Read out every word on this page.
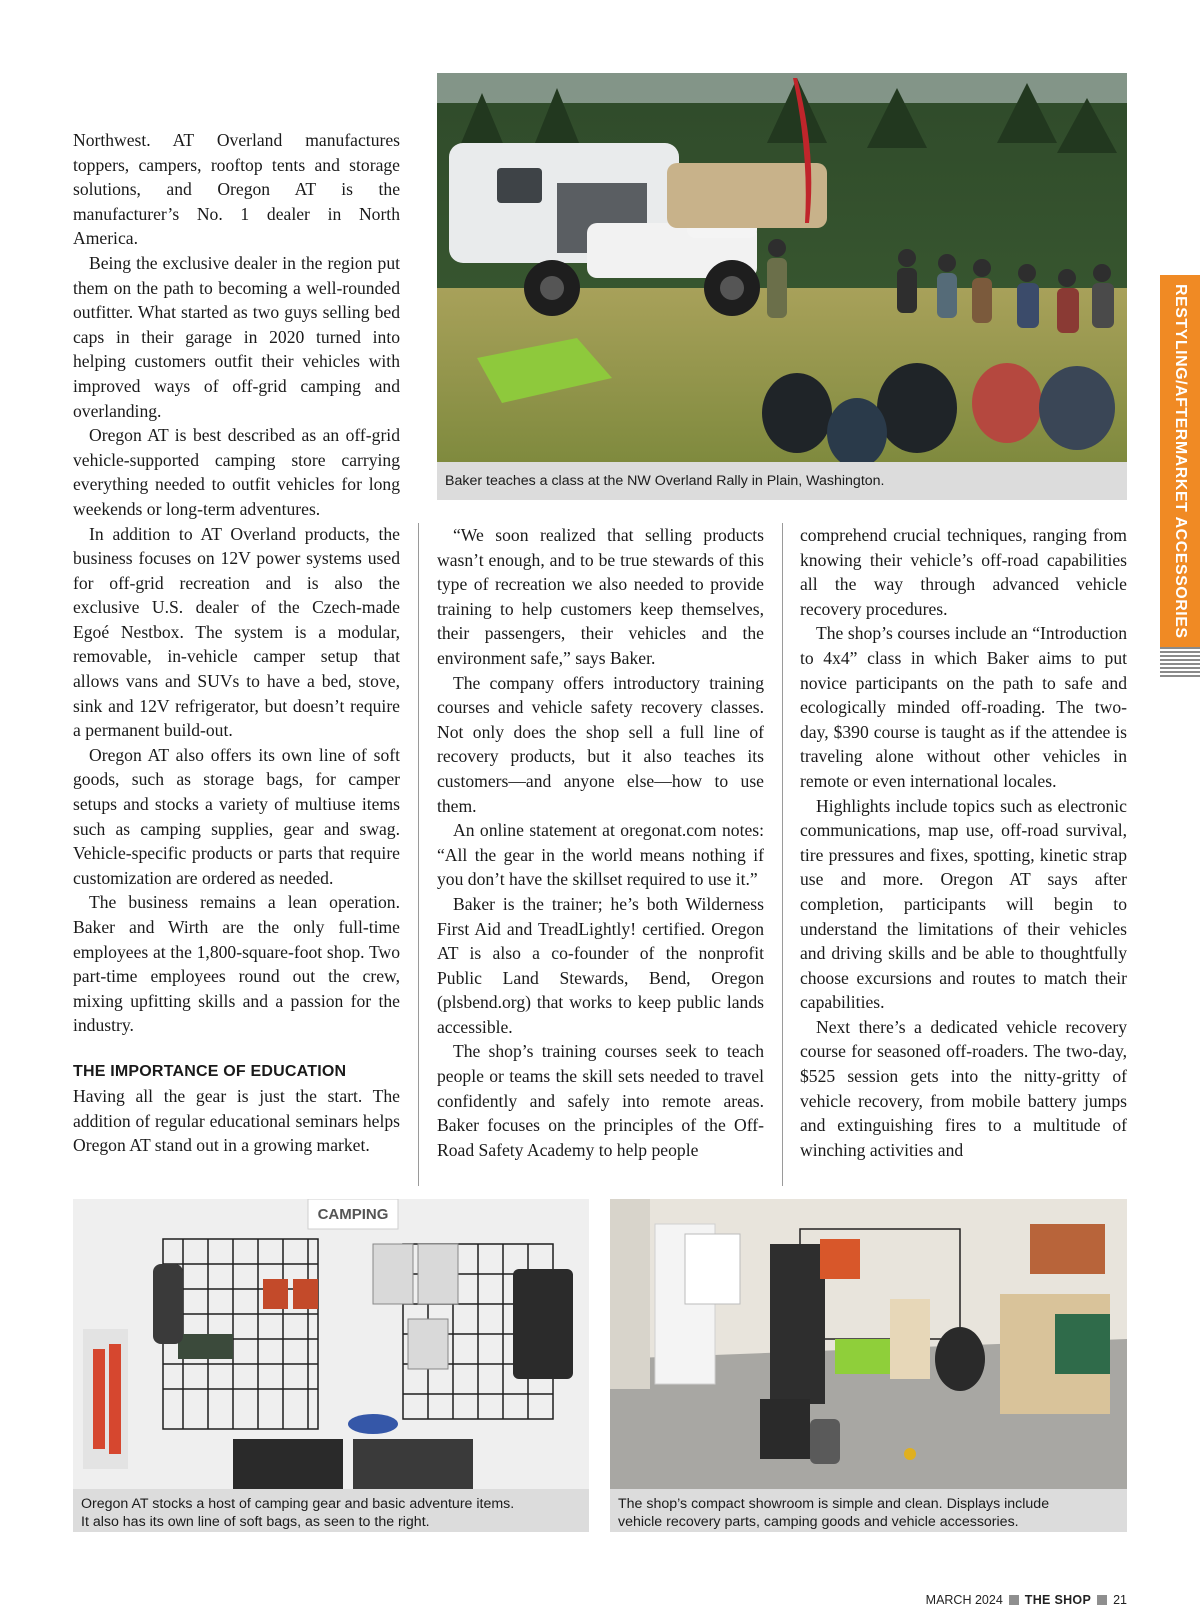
Northwest. AT Overland manufactures toppers, campers, rooftop tents and storage solutions, and Oregon AT is the manufacturer’s No. 1 dealer in North America.

Being the exclusive dealer in the region put them on the path to becoming a well-rounded outfitter. What started as two guys selling bed caps in their garage in 2020 turned into helping customers outfit their vehicles with improved ways of off-grid camping and overlanding.

Oregon AT is best described as an off-grid vehicle-supported camping store carrying everything needed to outfit vehicles for long weekends or long-term adventures.

In addition to AT Overland products, the business focuses on 12V power systems used for off-grid recreation and is also the exclusive U.S. dealer of the Czech-made Egoé Nestbox. The system is a modular, removable, in-vehicle camper setup that allows vans and SUVs to have a bed, stove, sink and 12V refrigerator, but doesn’t require a permanent build-out.

Oregon AT also offers its own line of soft goods, such as storage bags, for camper setups and stocks a variety of multiuse items such as camping supplies, gear and swag. Vehicle-specific products or parts that require customization are ordered as needed.

The business remains a lean operation. Baker and Wirth are the only full-time employees at the 1,800-square-foot shop. Two part-time employees round out the crew, mixing upfitting skills and a passion for the industry.

THE IMPORTANCE OF EDUCATION

Having all the gear is just the start. The addition of regular educational seminars helps Oregon AT stand out in a growing market.

Baker teaches a class at the NW Overland Rally in Plain, Washington.

“We soon realized that selling products wasn’t enough, and to be true stewards of this type of recreation we also needed to provide training to help customers keep themselves, their passengers, their vehicles and the environment safe,” says Baker.

The company offers introductory training courses and vehicle safety recovery classes. Not only does the shop sell a full line of recovery products, but it also teaches its customers—and anyone else—how to use them.

An online statement at oregonat.com notes: “All the gear in the world means nothing if you don’t have the skillset required to use it.”

Baker is the trainer; he’s both Wilderness First Aid and TreadLightly! certified. Oregon AT is also a co-founder of the nonprofit Public Land Stewards, Bend, Oregon (plsbend.org) that works to keep public lands accessible.

The shop’s training courses seek to teach people or teams the skill sets needed to travel confidently and safely into remote areas. Baker focuses on the principles of the Off-Road Safety Academy to help people

comprehend crucial techniques, ranging from knowing their vehicle’s off-road capabilities all the way through advanced vehicle recovery procedures.

The shop’s courses include an “Introduction to 4x4” class in which Baker aims to put novice participants on the path to safe and ecologically minded off-roading. The two-day, $390 course is taught as if the attendee is traveling alone without other vehicles in remote or even international locales.

Highlights include topics such as electronic communications, map use, off-road survival, tire pressures and fixes, spotting, kinetic strap use and more. Oregon AT says after completion, participants will begin to understand the limitations of their vehicles and driving skills and be able to thoughtfully choose excursions and routes to match their capabilities.

Next there’s a dedicated vehicle recovery course for seasoned off-roaders. The two-day, $525 session gets into the nitty-gritty of vehicle recovery, from mobile battery jumps and extinguishing fires to a multitude of winching activities and

RESTYLING/AFTERMARKET ACCESSORIES
CAMPING
Oregon AT stocks a host of camping gear and basic adventure items.
It also has its own line of soft bags, as seen to the right.
The shop’s compact showroom is simple and clean. Displays include
vehicle recovery parts, camping goods and vehicle accessories.
MARCH 2024 THE SHOP 21
